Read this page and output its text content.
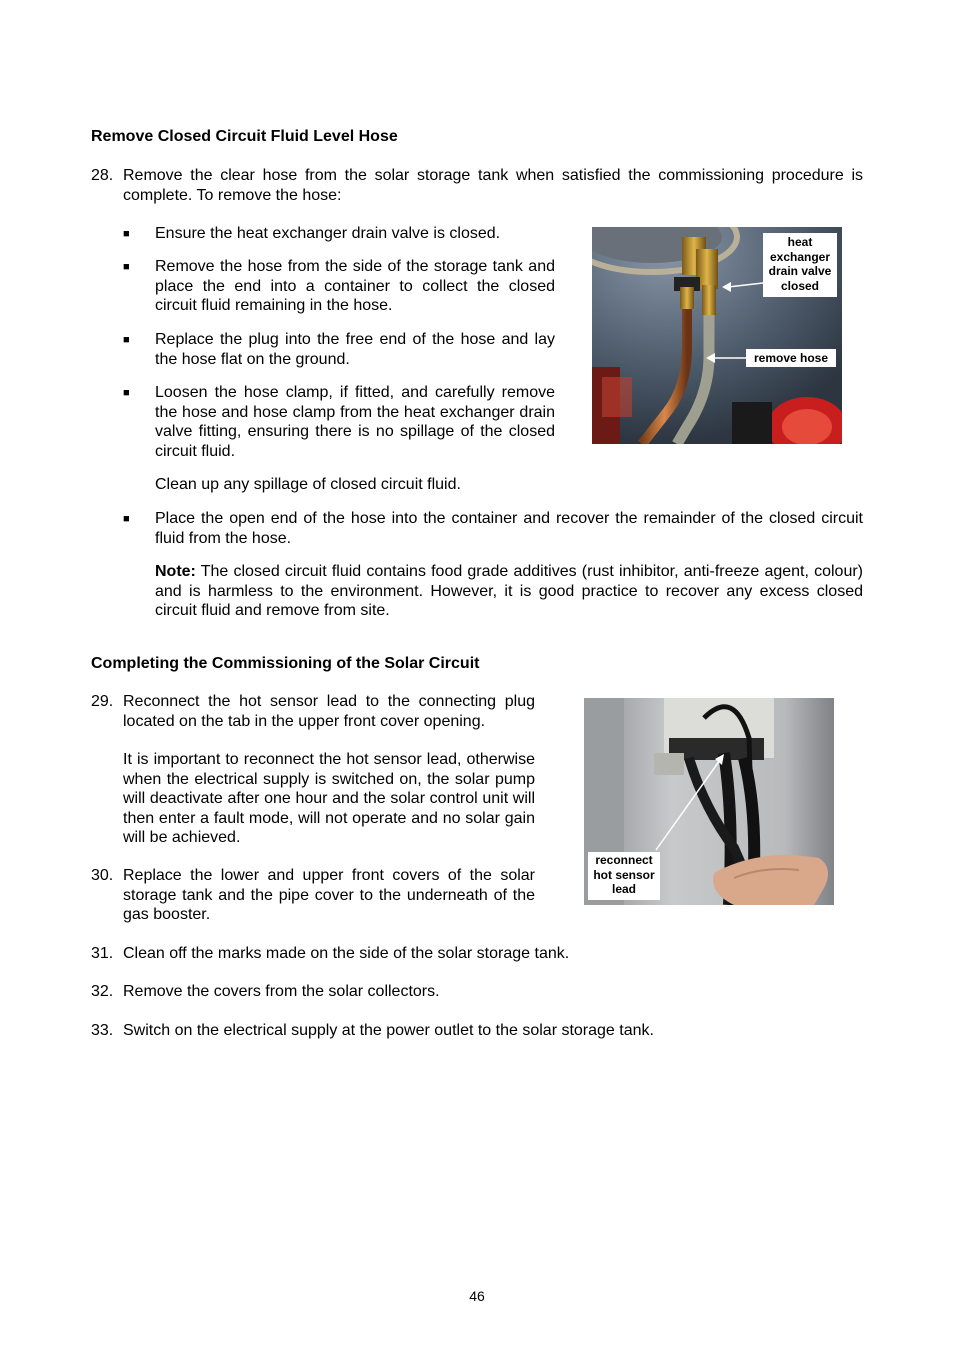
Remove Closed Circuit Fluid Level Hose
28. Remove the clear hose from the solar storage tank when satisfied the commissioning procedure is complete. To remove the hose:
■ Ensure the heat exchanger drain valve is closed.
■ Remove the hose from the side of the storage tank and place the end into a container to collect the closed circuit fluid remaining in the hose.
■ Replace the plug into the free end of the hose and lay the hose flat on the ground.
■ Loosen the hose clamp, if fitted, and carefully remove the hose and hose clamp from the heat exchanger drain valve fitting, ensuring there is no spillage of the closed circuit fluid.
Clean up any spillage of closed circuit fluid.
■ Place the open end of the hose into the container and recover the remainder of the closed circuit fluid from the hose.
Note: The closed circuit fluid contains food grade additives (rust inhibitor, anti-freeze agent, colour) and is harmless to the environment. However, it is good practice to recover any excess closed circuit fluid and remove from site.
heat exchanger drain valve closed
remove hose
Completing the Commissioning of the Solar Circuit
29. Reconnect the hot sensor lead to the connecting plug located on the tab in the upper front cover opening.
It is important to reconnect the hot sensor lead, otherwise when the electrical supply is switched on, the solar pump will deactivate after one hour and the solar control unit will then enter a fault mode, will not operate and no solar gain will be achieved.
30. Replace the lower and upper front covers of the solar storage tank and the pipe cover to the underneath of the gas booster.
31. Clean off the marks made on the side of the solar storage tank.
32. Remove the covers from the solar collectors.
33. Switch on the electrical supply at the power outlet to the solar storage tank.
reconnect hot sensor lead
46
